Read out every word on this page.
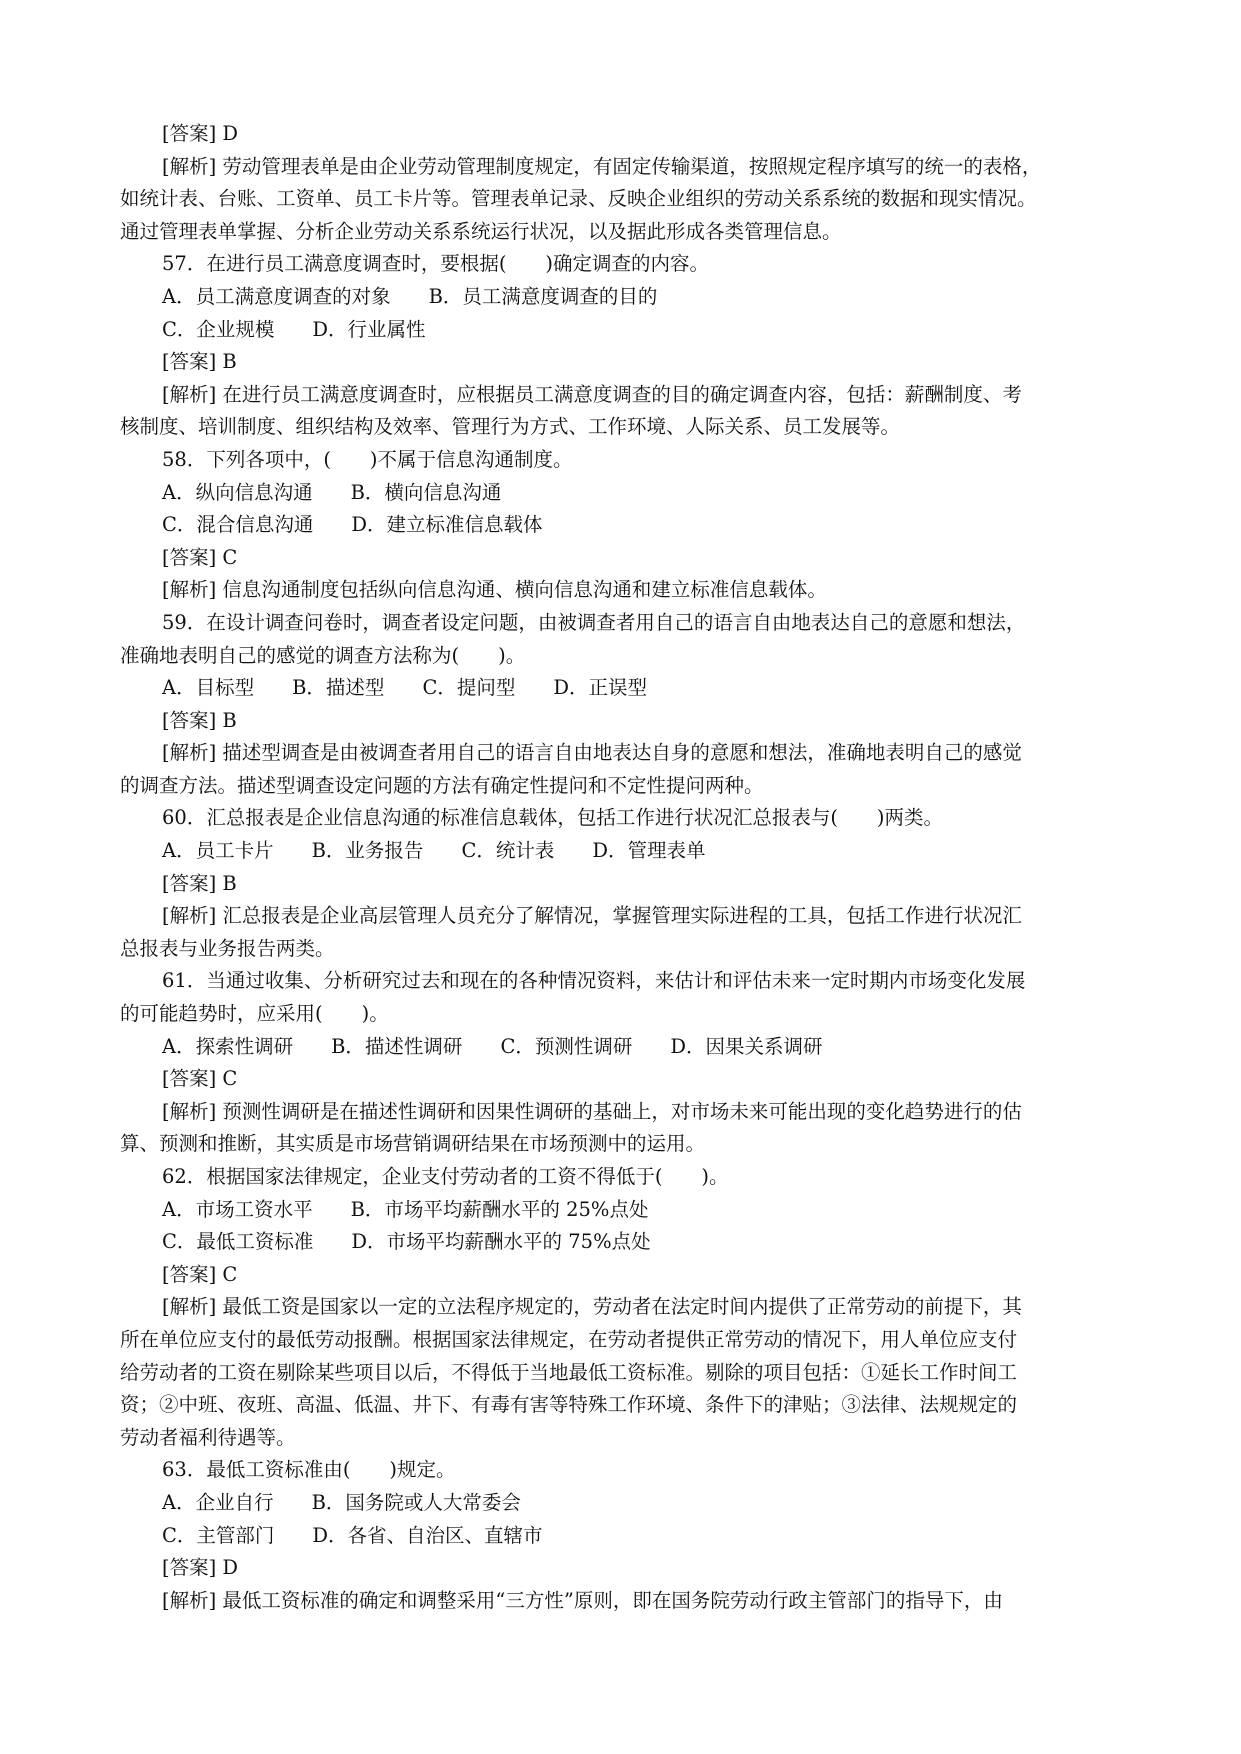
[答案] D
[解析] 劳动管理表单是由企业劳动管理制度规定，有固定传输渠道，按照规定程序填写的统一的表格，
如统计表、台账、工资单、员工卡片等。管理表单记录、反映企业组织的劳动关系系统的数据和现实情况。
通过管理表单掌握、分析企业劳动关系系统运行状况，以及据此形成各类管理信息。
57．在进行员工满意度调查时，要根据(　　)确定调查的内容。
A．员工满意度调查的对象 B．员工满意度调查的目的
C．企业规模 D．行业属性
[答案] B
[解析] 在进行员工满意度调查时，应根据员工满意度调查的目的确定调查内容，包括：薪酬制度、考
核制度、培训制度、组织结构及效率、管理行为方式、工作环境、人际关系、员工发展等。
58．下列各项中，(　　)不属于信息沟通制度。
A．纵向信息沟通 B．横向信息沟通
C．混合信息沟通 D．建立标准信息载体
[答案] C
[解析] 信息沟通制度包括纵向信息沟通、横向信息沟通和建立标准信息载体。
59．在设计调查问卷时，调查者设定问题，由被调查者用自己的语言自由地表达自己的意愿和想法，
准确地表明自己的感觉的调查方法称为(　　)。
A．目标型 B．描述型 C．提问型 D．正误型
[答案] B
[解析] 描述型调查是由被调查者用自己的语言自由地表达自身的意愿和想法，准确地表明自己的感觉
的调查方法。描述型调查设定问题的方法有确定性提问和不定性提问两种。
60．汇总报表是企业信息沟通的标准信息载体，包括工作进行状况汇总报表与(　　)两类。
A．员工卡片 B．业务报告 C．统计表 D．管理表单
[答案] B
[解析] 汇总报表是企业高层管理人员充分了解情况，掌握管理实际进程的工具，包括工作进行状况汇
总报表与业务报告两类。
61．当通过收集、分析研究过去和现在的各种情况资料，来估计和评估未来一定时期内市场变化发展
的可能趋势时，应采用(　　)。
A．探索性调研 B．描述性调研 C．预测性调研 D．因果关系调研
[答案] C
[解析] 预测性调研是在描述性调研和因果性调研的基础上，对市场未来可能出现的变化趋势进行的估
算、预测和推断，其实质是市场营销调研结果在市场预测中的运用。
62．根据国家法律规定，企业支付劳动者的工资不得低于(　　)。
A．市场工资水平 B．市场平均薪酬水平的 25%点处
C．最低工资标准 D．市场平均薪酬水平的 75%点处
[答案] C
[解析] 最低工资是国家以一定的立法程序规定的，劳动者在法定时间内提供了正常劳动的前提下，其
所在单位应支付的最低劳动报酬。根据国家法律规定，在劳动者提供正常劳动的情况下，用人单位应支付
给劳动者的工资在剔除某些项目以后，不得低于当地最低工资标准。剔除的项目包括：①延长工作时间工
资；②中班、夜班、高温、低温、井下、有毒有害等特殊工作环境、条件下的津贴；③法律、法规规定的
劳动者福利待遇等。
63．最低工资标准由(　　)规定。
A．企业自行 B．国务院或人大常委会
C．主管部门 D．各省、自治区、直辖市
[答案] D
[解析] 最低工资标准的确定和调整采用“三方性”原则，即在国务院劳动行政主管部门的指导下，由
